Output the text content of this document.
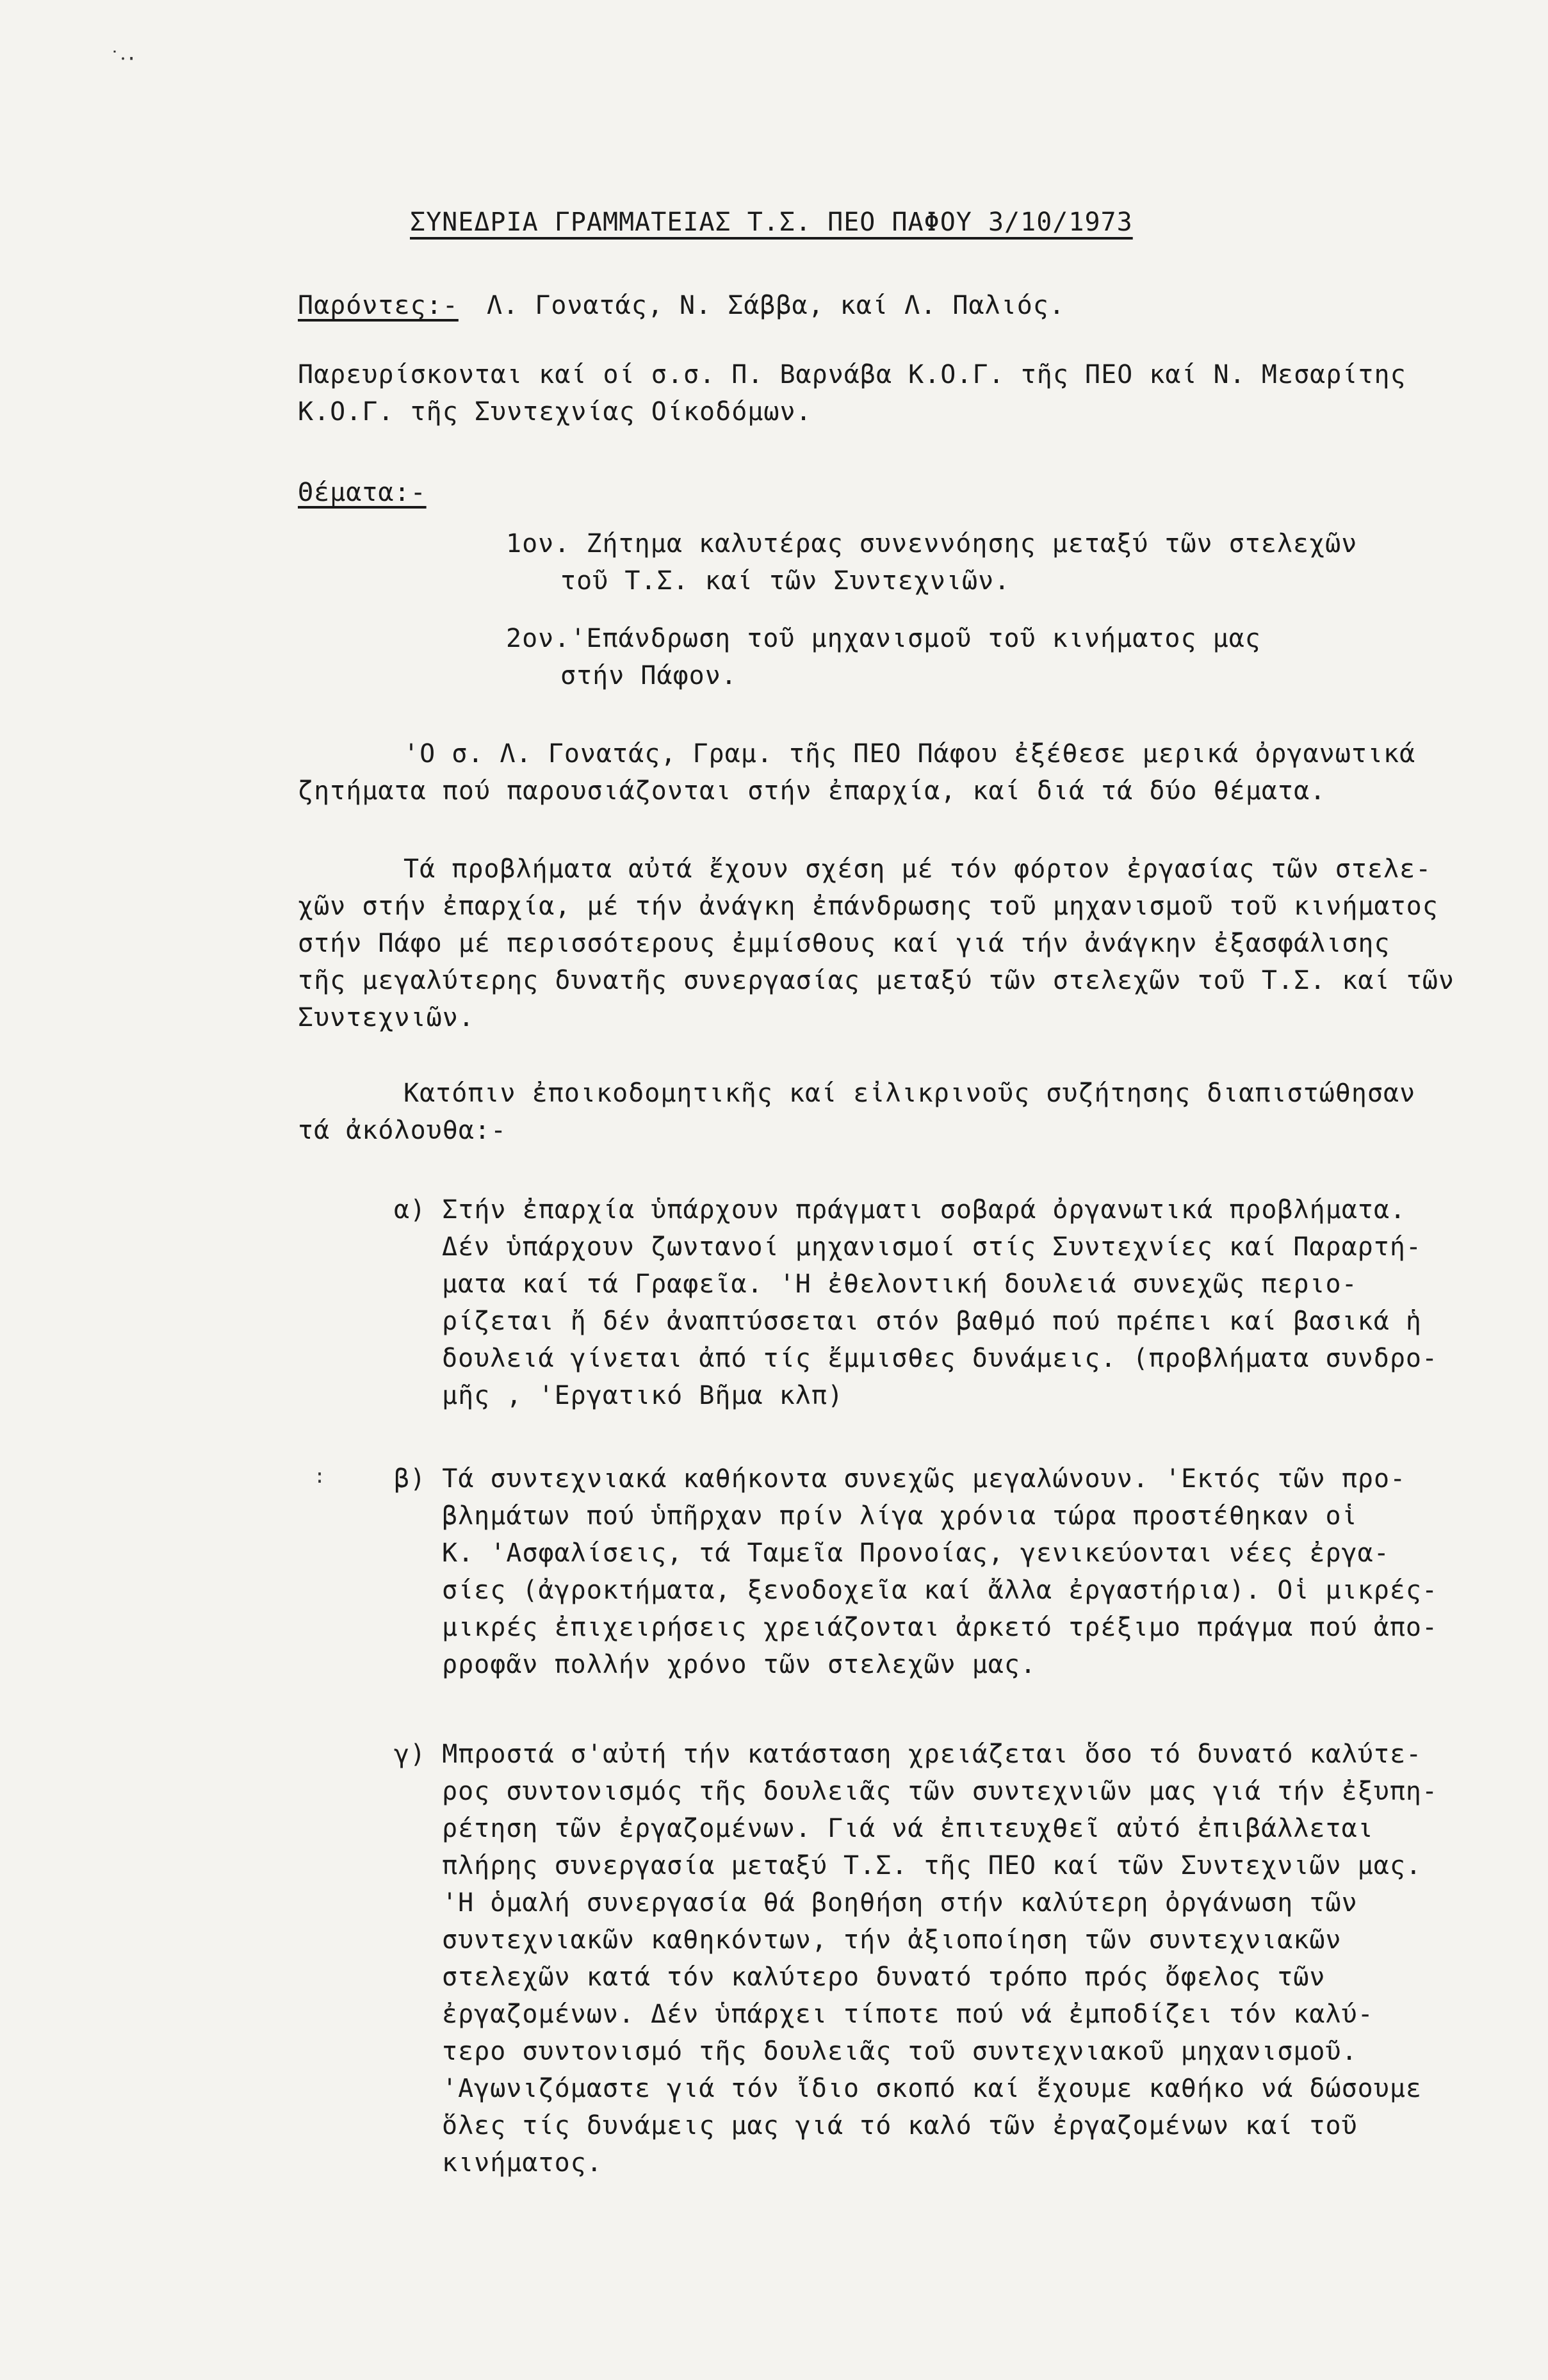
˙⸱·
ΣΥΝΕΔΡΙΑ ΓΡΑΜΜΑΤΕΙΑΣ Τ.Σ. ΠΕΟ ΠΑΦΟΥ 3/10/1973
Παρόντες:- Λ. Γονατάς, Ν. Σάββα, καί Λ. Παλιός.
Παρευρίσκονται καί οί σ.σ. Π. Βαρνάβα Κ.Ο.Γ. τῆς ΠΕΟ καί Ν. Μεσαρίτης
Κ.Ο.Γ. τῆς Συντεχνίας Οίκοδόμων.
Θέματα:-
1ον. Ζήτημα καλυτέρας συνεννόησης μεταξύ τῶν στελεχῶν
τοῦ Τ.Σ. καί τῶν Συντεχνιῶν.
2ον.'Επάνδρωση τοῦ μηχανισμοῦ τοῦ κινήματος μας
στήν Πάφον.
'Ο σ. Λ. Γονατάς, Γραμ. τῆς ΠΕΟ Πάφου ἐξέθεσε μερικά ὀργανωτικά
ζητήματα πού παρουσιάζονται στήν ἐπαρχία, καί διά τά δύο θέματα.
Τά προβλήματα αὐτά ἔχουν σχέση μέ τόν φόρτον ἐργασίας τῶν στελε-
χῶν στήν ἐπαρχία, μέ τήν ἀνάγκη ἐπάνδρωσης τοῦ μηχανισμοῦ τοῦ κινήματος
στήν Πάφο μέ περισσότερους ἐμμίσθους καί γιά τήν ἀνάγκην ἐξασφάλισης
τῆς μεγαλύτερης δυνατῆς συνεργασίας μεταξύ τῶν στελεχῶν τοῦ Τ.Σ. καί τῶν
Συντεχνιῶν.
Κατόπιν ἐποικοδομητικῆς καί εἰλικρινοῦς συζήτησης διαπιστώθησαν
τά ἀκόλουθα:-
α) Στήν ἐπαρχία ὑπάρχουν πράγματι σοβαρά ὀργανωτικά προβλήματα.
Δέν ὑπάρχουν ζωντανοί μηχανισμοί στίς Συντεχνίες καί Παραρτή-
ματα καί τά Γραφεῖα. 'Η ἐθελοντική δουλειά συνεχῶς περιο-
ρίζεται ἤ δέν ἀναπτύσσεται στόν βαθμό πού πρέπει καί βασικά ἡ
δουλειά γίνεται ἀπό τίς ἔμμισθες δυνάμεις. (προβλήματα συνδρο-
μῆς , 'Εργατικό Βῆμα κλπ)
:	β) Τά συντεχνιακά καθήκοντα συνεχῶς μεγαλώνουν. 'Εκτός τῶν προ-
βλημάτων πού ὑπῆρχαν πρίν λίγα χρόνια τώρα προστέθηκαν οἱ
Κ. 'Ασφαλίσεις, τά Ταμεῖα Προνοίας, γενικεύονται νέες ἐργα-
σίες (ἀγροκτήματα, ξενοδοχεῖα καί ἄλλα ἐργαστήρια). Οἱ μικρές-
μικρές ἐπιχειρήσεις χρειάζονται ἀρκετό τρέξιμο πράγμα πού ἀπο-
ρροφᾶν πολλήν χρόνο τῶν στελεχῶν μας.
γ) Μπροστά σ'αὐτή τήν κατάσταση χρειάζεται ὅσο τό δυνατό καλύτε-
ρος συντονισμός τῆς δουλειᾶς τῶν συντεχνιῶν μας γιά τήν ἐξυπη-
ρέτηση τῶν ἐργαζομένων. Γιά νά ἐπιτευχθεῖ αὐτό ἐπιβάλλεται
πλήρης συνεργασία μεταξύ Τ.Σ. τῆς ΠΕΟ καί τῶν Συντεχνιῶν μας.
'Η ὁμαλή συνεργασία θά βοηθήση στήν καλύτερη ὀργάνωση τῶν
συντεχνιακῶν καθηκόντων, τήν ἀξιοποίηση τῶν συντεχνιακῶν
στελεχῶν κατά τόν καλύτερο δυνατό τρόπο πρός ὄφελος τῶν
ἐργαζομένων. Δέν ὑπάρχει τίποτε πού νά ἐμποδίζει τόν καλύ-
τερο συντονισμό τῆς δουλειᾶς τοῦ συντεχνιακοῦ μηχανισμοῦ.
'Αγωνιζόμαστε γιά τόν ἴδιο σκοπό καί ἔχουμε καθήκο νά δώσουμε
ὅλες τίς δυνάμεις μας γιά τό καλό τῶν ἐργαζομένων καί τοῦ
κινήματος.
